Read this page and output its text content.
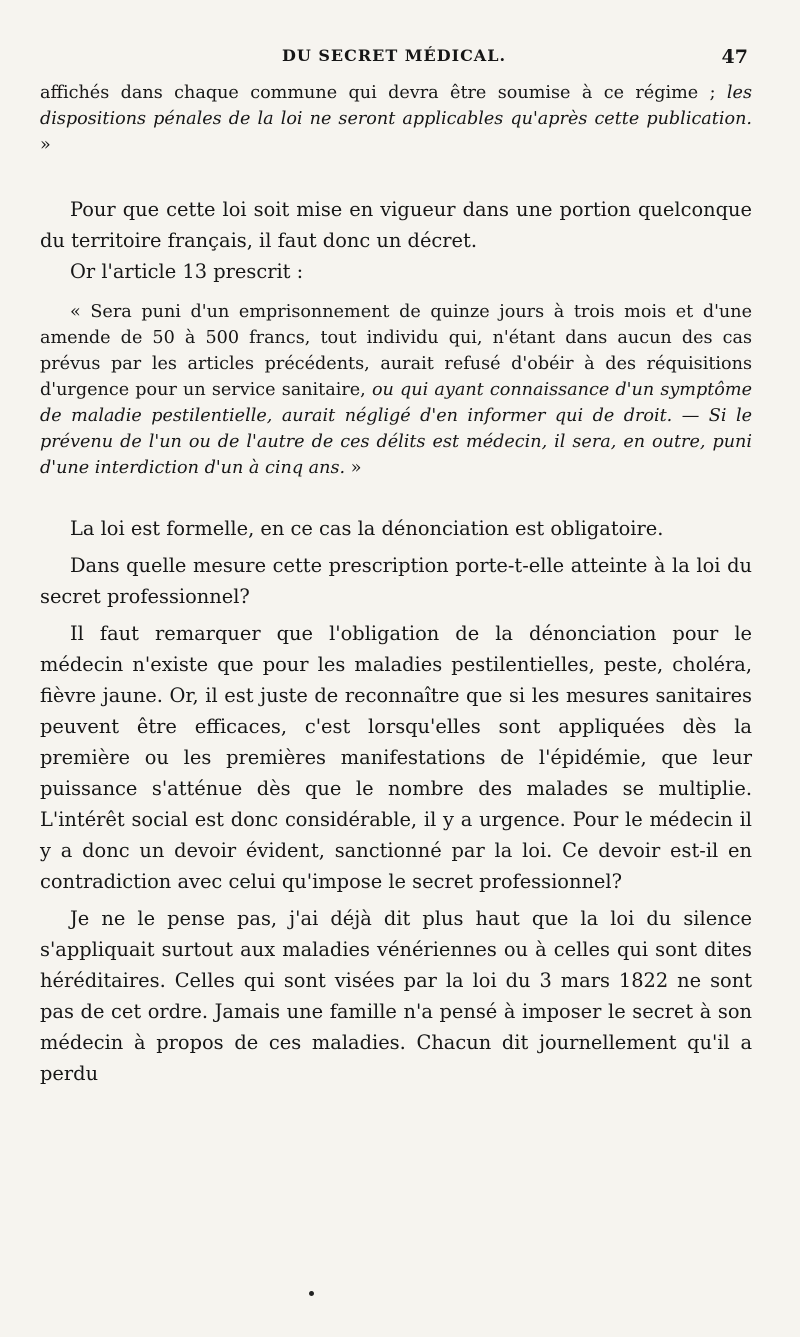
DU SECRET MÉDICAL.	47

affichés dans chaque commune qui devra être soumise à ce régime ; les dispositions pénales de la loi ne seront applicables qu'après cette publication. »

Pour que cette loi soit mise en vigueur dans une portion quelconque du territoire français, il faut donc un décret.

Or l'article 13 prescrit :

« Sera puni d'un emprisonnement de quinze jours à trois mois et d'une amende de 50 à 500 francs, tout individu qui, n'étant dans aucun des cas prévus par les articles précédents, aurait refusé d'obéir à des réquisitions d'urgence pour un service sanitaire, ou qui ayant connaissance d'un symptôme de maladie pestilentielle, aurait négligé d'en informer qui de droit. — Si le prévenu de l'un ou de l'autre de ces délits est médecin, il sera, en outre, puni d'une interdiction d'un à cinq ans. »

La loi est formelle, en ce cas la dénonciation est obligatoire.

Dans quelle mesure cette prescription porte-t-elle atteinte à la loi du secret professionnel?

Il faut remarquer que l'obligation de la dénonciation pour le médecin n'existe que pour les maladies pestilentielles, peste, choléra, fièvre jaune. Or, il est juste de reconnaître que si les mesures sanitaires peuvent être efficaces, c'est lorsqu'elles sont appliquées dès la première ou les premières manifestations de l'épidémie, que leur puissance s'atténue dès que le nombre des malades se multiplie. L'intérêt social est donc considérable, il y a urgence. Pour le médecin il y a donc un devoir évident, sanctionné par la loi. Ce devoir est-il en contradiction avec celui qu'impose le secret professionnel?

Je ne le pense pas, j'ai déjà dit plus haut que la loi du silence s'appliquait surtout aux maladies vénériennes ou à celles qui sont dites héréditaires. Celles qui sont visées par la loi du 3 mars 1822 ne sont pas de cet ordre. Jamais une famille n'a pensé à imposer le secret à son médecin à propos de ces maladies. Chacun dit journellement qu'il a perdu
